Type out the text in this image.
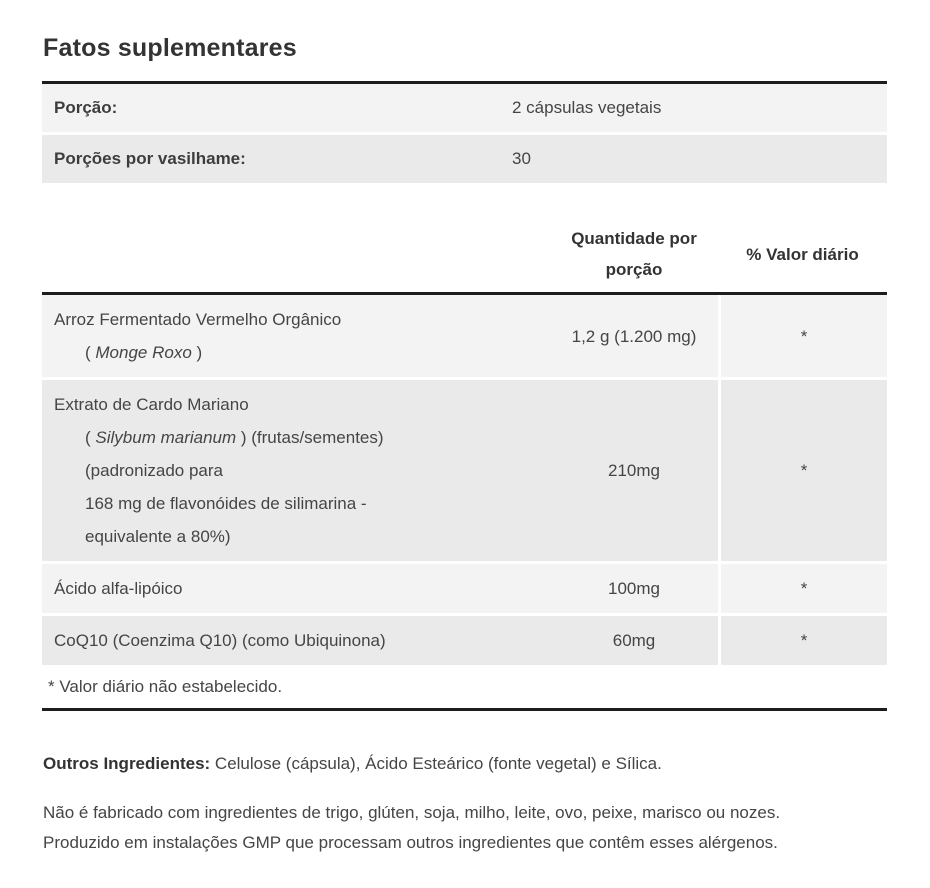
Fatos suplementares
Porção:	2 cápsulas vegetais
Porções por vasilhame:	30
Quantidade por porção
% Valor diário
Arroz Fermentado Vermelho Orgânico
( Monge Roxo )
1,2 g (1.200 mg)	*
Extrato de Cardo Mariano
( Silybum marianum ) (frutas/sementes)
(padronizado para
168 mg de flavonóides de silimarina -
equivalente a 80%)
210mg	*
Ácido alfa-lipóico	100mg	*
CoQ10 (Coenzima Q10) (como Ubiquinona)	60mg	*
* Valor diário não estabelecido.

Outros Ingredientes: Celulose (cápsula), Ácido Esteárico (fonte vegetal) e Sílica.

Não é fabricado com ingredientes de trigo, glúten, soja, milho, leite, ovo, peixe, marisco ou nozes.
Produzido em instalações GMP que processam outros ingredientes que contêm esses alérgenos.
